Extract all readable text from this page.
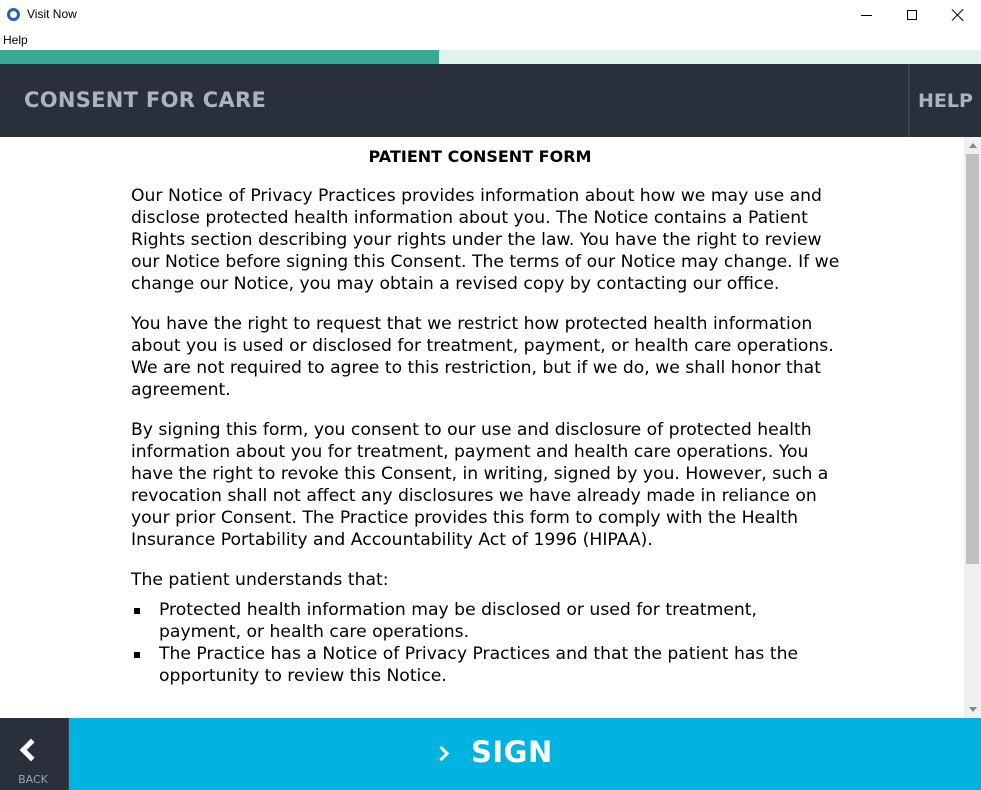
Visit Now
Help
CONSENT FOR CARE	HELP
PATIENT CONSENT FORM

Our Notice of Privacy Practices provides information about how we may use and disclose protected health information about you. The Notice contains a Patient Rights section describing your rights under the law. You have the right to review our Notice before signing this Consent. The terms of our Notice may change. If we change our Notice, you may obtain a revised copy by contacting our office.

You have the right to request that we restrict how protected health information about you is used or disclosed for treatment, payment, or health care operations. We are not required to agree to this restriction, but if we do, we shall honor that agreement.

By signing this form, you consent to our use and disclosure of protected health information about you for treatment, payment and health care operations. You have the right to revoke this Consent, in writing, signed by you. However, such a revocation shall not affect any disclosures we have already made in reliance on your prior Consent. The Practice provides this form to comply with the Health Insurance Portability and Accountability Act of 1996 (HIPAA).

The patient understands that:

Protected health information may be disclosed or used for treatment, payment, or health care operations.
The Practice has a Notice of Privacy Practices and that the patient has the opportunity to review this Notice.
BACK
SIGN
